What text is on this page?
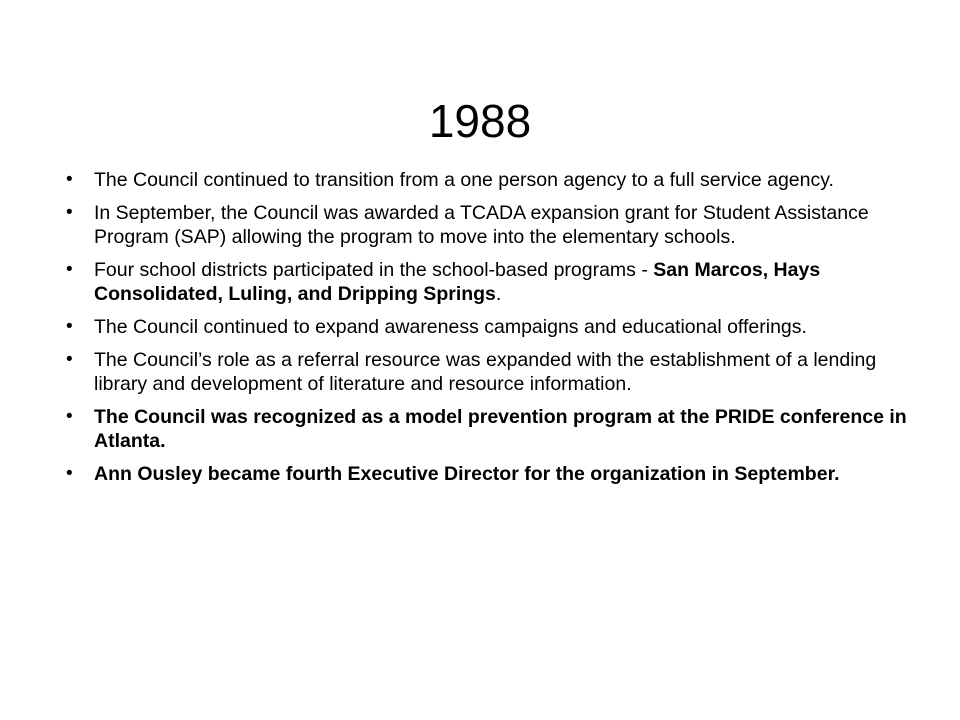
1988
•	The Council continued to transition from a one person agency to a full service agency.
•	In September, the Council was awarded a TCADA expansion grant for Student Assistance Program (SAP) allowing the program to move into the elementary schools.
•	Four school districts participated in the school-based programs - San Marcos, Hays Consolidated, Luling, and Dripping Springs.
•	The Council continued to expand awareness campaigns and educational offerings.
•	The Council’s role as a referral resource was expanded with the establishment of a lending library and development of literature and resource information.
•	The Council was recognized as a model prevention program at the PRIDE conference in Atlanta.
•	Ann Ousley became fourth Executive Director for the organization in September.
